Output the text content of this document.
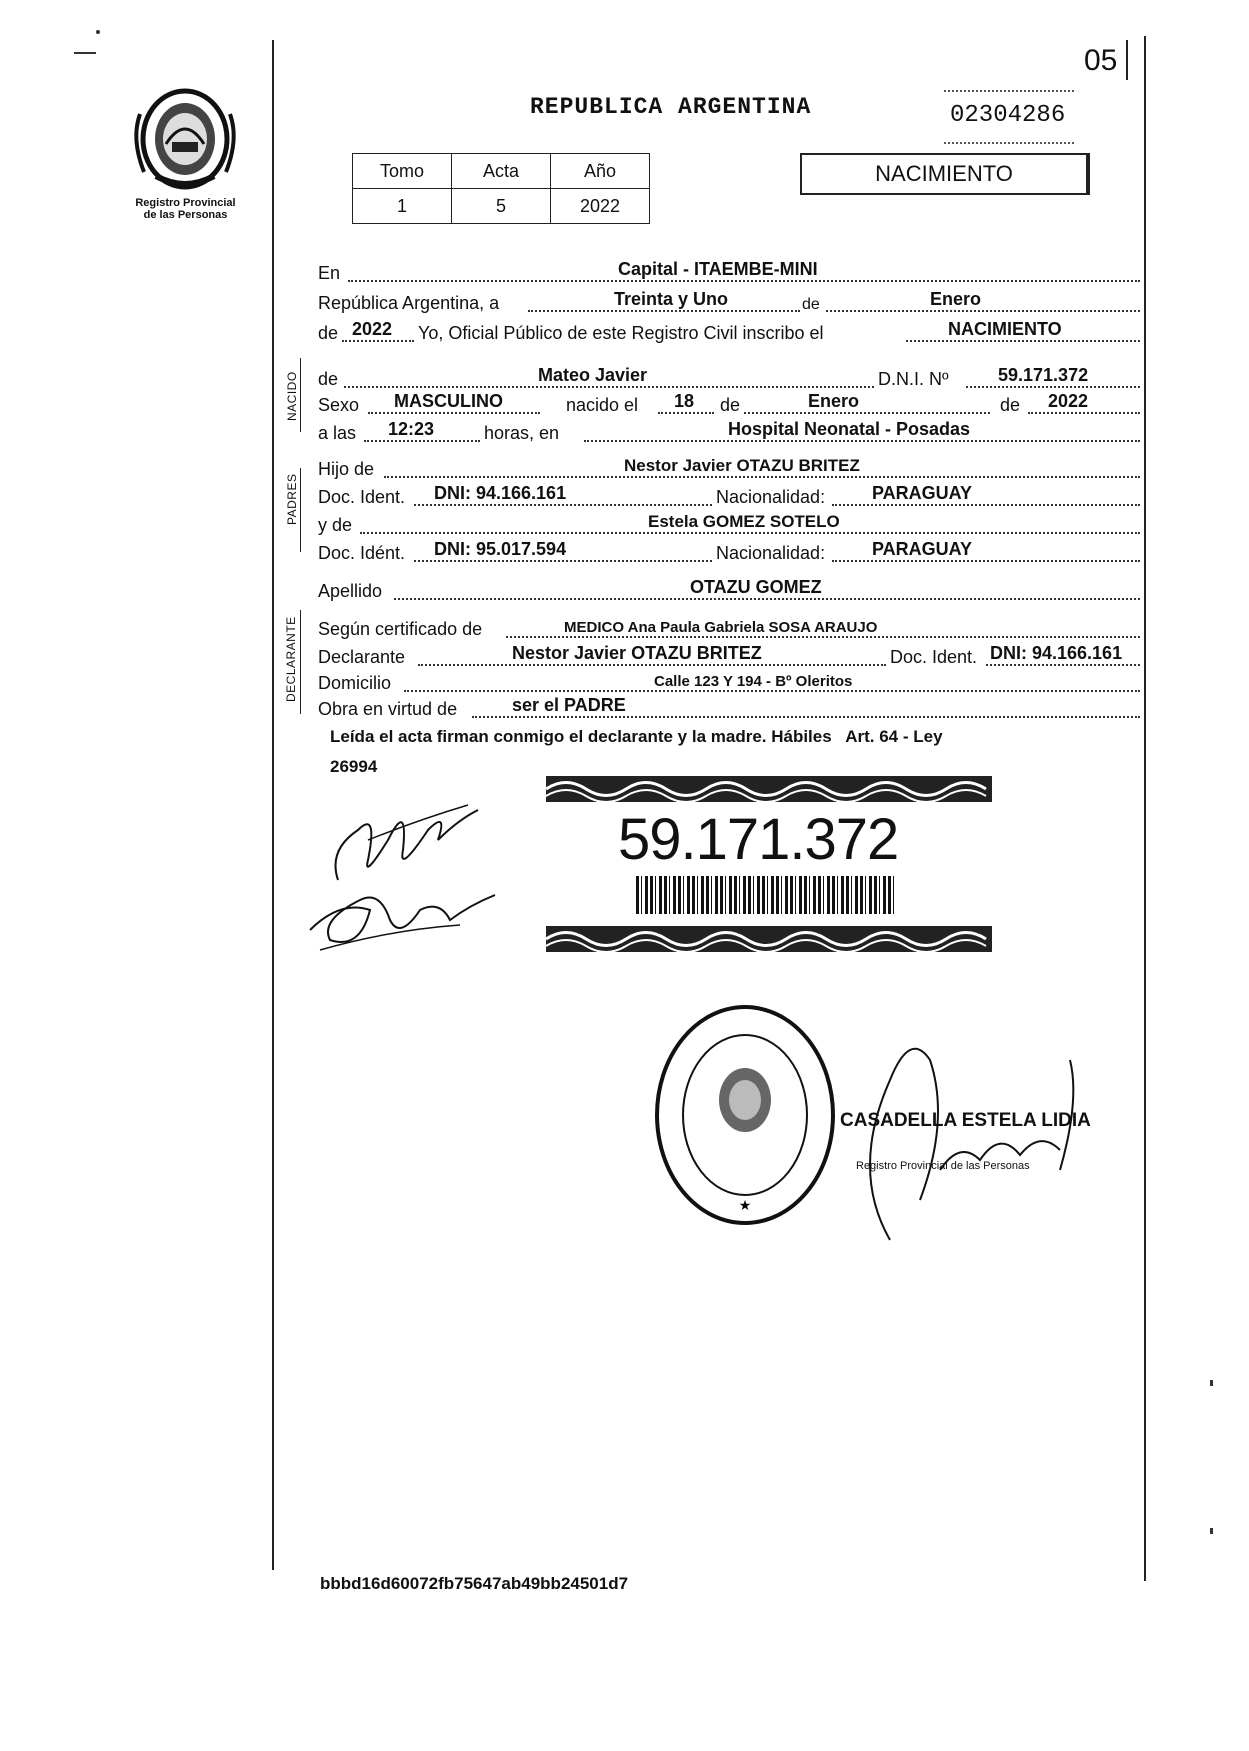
Registro Provincial
de las Personas
05
REPUBLICA ARGENTINA	02304286
Tomo	Acta	Año
1	5	2022
NACIMIENTO
NACIDO
PADRES
DECLARANTE
En	Capital - ITAEMBE-MINI
República Argentina, a	Treinta y Uno	de	Enero
de 2022 Yo, Oficial Público de este Registro Civil inscribo el	NACIMIENTO
de	Mateo Javier	D.N.I. Nº	59.171.372
Sexo MASCULINO	nacido el 18 de	Enero	de 2022
a las 12:23	horas, en	Hospital Neonatal - Posadas
Hijo de	Nestor Javier OTAZU BRITEZ
Doc. Ident. DNI: 94.166.161	Nacionalidad:	PARAGUAY
y de	Estela GOMEZ SOTELO
Doc. Idént. DNI: 95.017.594	Nacionalidad:	PARAGUAY
Apellido	OTAZU GOMEZ
Según certificado de	MEDICO Ana Paula Gabriela SOSA ARAUJO
Declarante	Nestor Javier OTAZU BRITEZ	Doc. Ident. DNI: 94.166.161
Domicilio	Calle 123 Y 194 - Bº Oleritos
Obra en virtud de	ser el PADRE
Leída el acta firman conmigo el declarante y la madre. Hábiles   Art. 64 - Ley
26994
59.171.372
★
CASADELLA ESTELA LIDIA
Registro Provincial de las Personas
bbbd16d60072fb75647ab49bb24501d7
